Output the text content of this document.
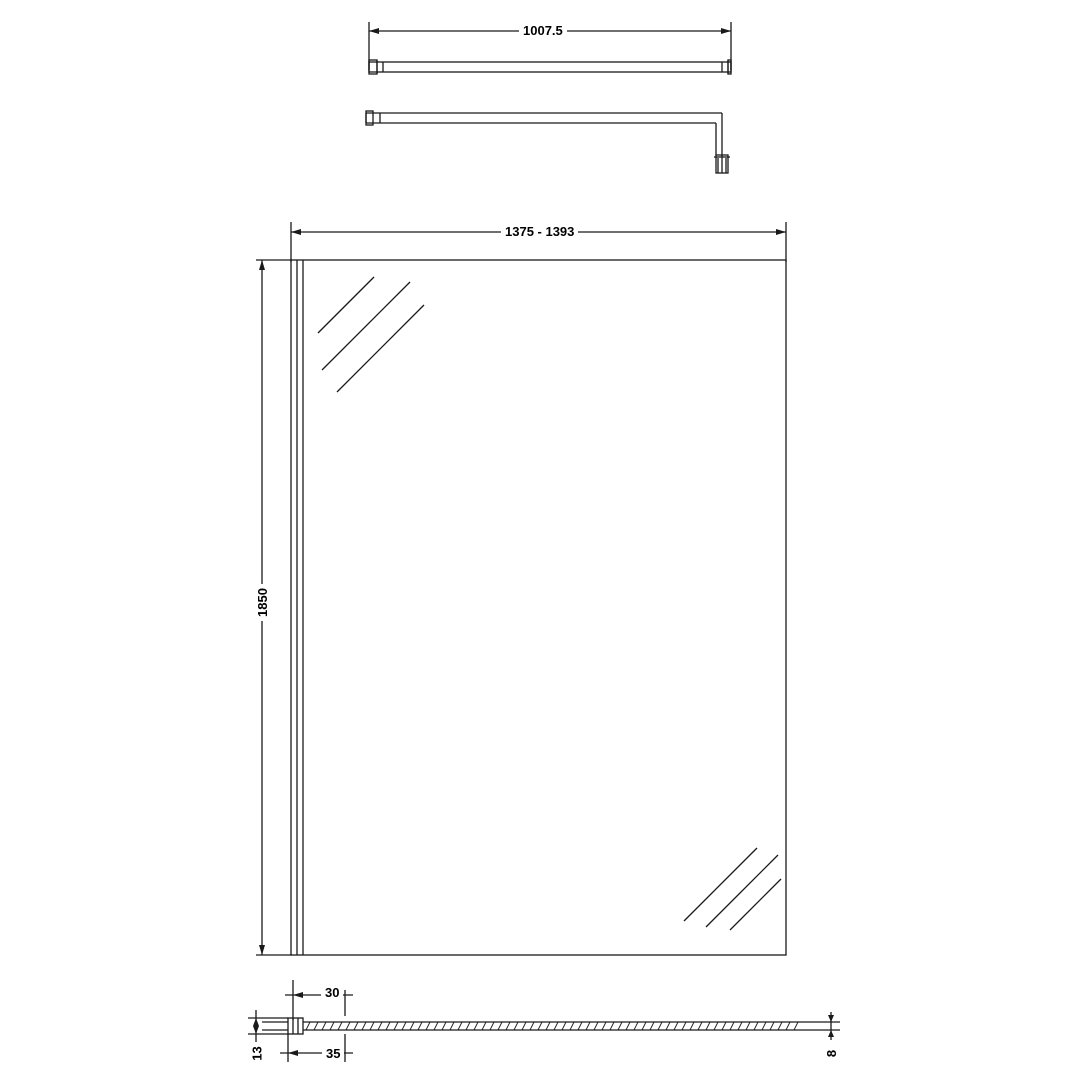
1007.5
1375 - 1393
1850
30
35
13	8
